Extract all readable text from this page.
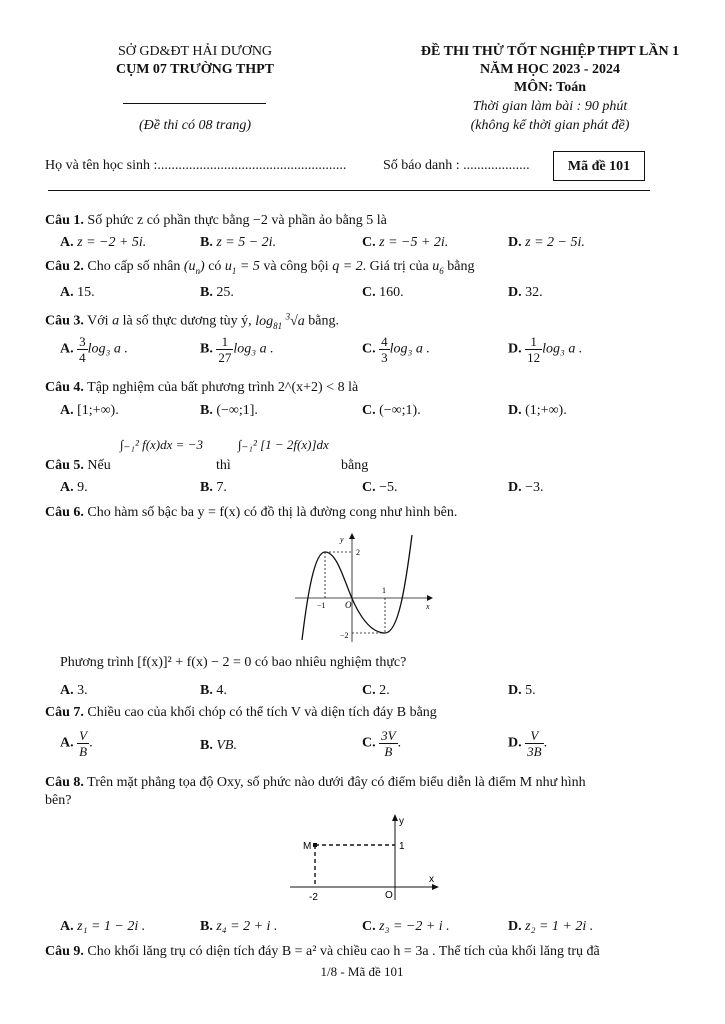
SỞ GD&ĐT HẢI DƯƠNG
CỤM 07 TRƯỜNG THPT
(Đề thi có 08 trang)
ĐỀ THI THỬ TỐT NGHIỆP THPT LẦN 1
NĂM HỌC 2023 - 2024
MÔN: Toán
Thời gian làm bài : 90 phút
(không kể thời gian phát đề)
Họ và tên học sinh :......................................................	Số báo danh : ...................	Mã đề 101
Câu 1. Số phức z có phần thực bằng −2 và phần ảo bằng 5 là
A. z = −2 + 5i.	B. z = 5 − 2i.	C. z = −5 + 2i.	D. z = 2 − 5i.
Câu 2. Cho cấp số nhân $(u_n)$ có $u_1 = 5$ và công bội q = 2. Giá trị của $u_6$ bằng
A. 15.	B. 25.	C. 160.	D. 32.
Câu 3. Với a là số thực dương tùy ý, $\log_{81} ^3√a$ bằng.
A. $\frac{3}{4} \log_3$ a .	B. $\frac{1}{27} \log_3$ a .	C. $\frac{4}{3} \log_3$ a .	D. $\frac{1}{12} \log_3$ a .
Câu 4. Tập nghiệm của bất phương trình 2^(x+2) < 8 là
A. [1;+∞).	B. (−∞;1].	C. (−∞;1).	D. (1;+∞).
Câu 5. Nếu
∫₋₁² f(x)dx = −3
thì
∫₋₁² [1 − 2f(x)]dx
bằng
A. 9.	B. 7.	C. −5.	D. −3.
Câu 6. Cho hàm số bậc ba y = f(x) có đồ thị là đường cong như hình bên.
y
x
O
2
−2
−1
1
Phương trình [f(x)]² + f(x) − 2 = 0 có bao nhiêu nghiệm thực?
A. 3.	B. 4.	C. 2.	D. 5.
Câu 7. Chiều cao của khối chóp có thể tích V và diện tích đáy B bằng
A. $\frac{V}{B}$ .	B. VB.	C. $\frac{3V}{B}$ .	D. $\frac{V}{3B}$ .
Câu 8. Trên mặt phẳng tọa độ Oxy, số phức nào dưới đây có điểm biểu diễn là điểm M như hình
bên?
M	1
-2	O
y
x
A. z₁ = 1 − 2i .	B. z₄ = 2 + i .	C. z₃ = −2 + i .	D. z₂ = 1 + 2i .
Câu 9. Cho khối lăng trụ có diện tích đáy B = a² và chiều cao h = 3a . Thể tích của khối lăng trụ đã
1/8 - Mã đề 101
